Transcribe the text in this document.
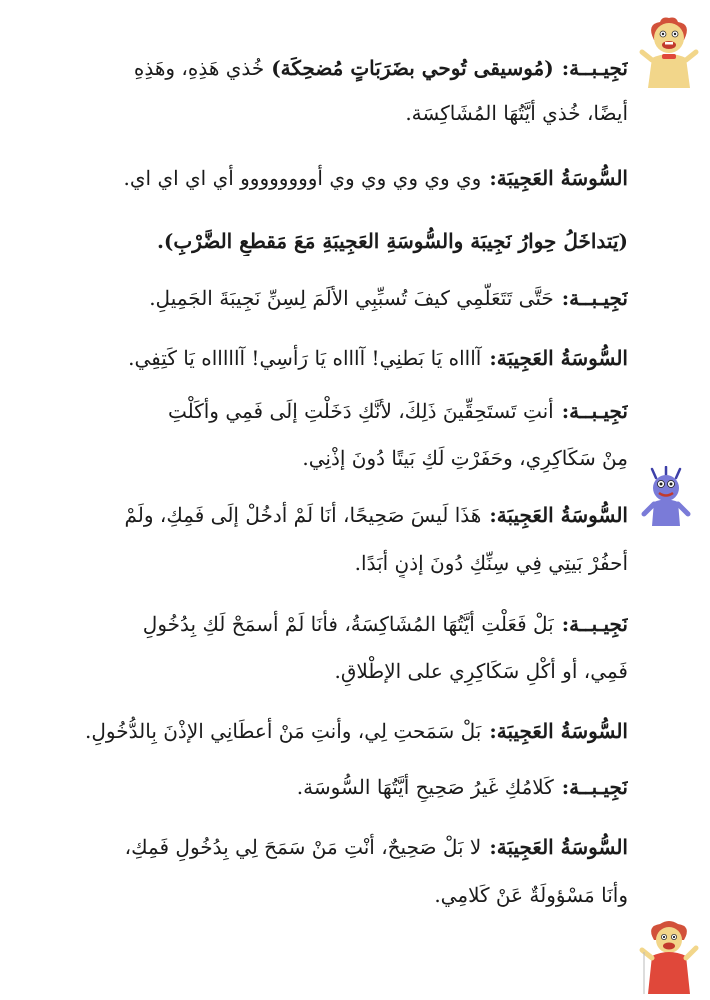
نَجِيـبــة:(مُوسيقى تُوحي بضَرَبَاتٍ مُضحِكَة) خُذي هَذِهِ، وهَذِهِ
أيضًا، خُذي أيَّتُهَا المُشَاكِسَة.
السُّوسَةُ العَجِيبَة:وي وي وي وي وي أوووووووو أي اي اي اي.
(يَتداخَلُ حِوارُ نَجِيبَة والسُّوسَةِ العَجِيبَةِ مَعَ مَقطعِ الضَّرْبِ).
نَجِيـبــة:حَتَّى تَتَعَلَّمِي كيفَ تُسبِّبِي الألَمَ لِسِنِّ نَجِيبَةَ الجَمِيلِ.
السُّوسَةُ العَجِيبَة:آاااه يَا بَطنِي! آاااه يَا رَأسِي! آاااااه يَا كَتِفِي.
نَجِيـبــة:أنتِ تَستَحِقِّينَ ذَلِكَ، لأنَّكِ دَخَلْتِ إلَى فَمِي وأكَلْتِ
مِنْ سَكَاكِرِي، وحَفَرْتِ لَكِ بَيتًا دُونَ إذْنِي.
السُّوسَةُ العَجِيبَة:هَذَا لَيسَ صَحِيحًا، أنَا لَمْ أدخُلْ إلَى فَمِكِ، ولَمْ
أحفُرْ بَيتِي فِي سِنِّكِ دُونَ إذنٍ أبَدًا.
نَجِيـبــة:بَلْ فَعَلْتِ أيَّتُهَا المُشَاكِسَةُ، فأنَا لَمْ أسمَحْ لَكِ بِدُخُولِ
فَمِي، أو أكْلِ سَكَاكِرِي على الإطْلاقِ.
السُّوسَةُ العَجِيبَة:بَلْ سَمَحتِ لِي، وأنتِ مَنْ أعطَانِي الإذْنَ بِالدُّخُولِ.
نَجِيـبــة:كَلامُكِ غَيرُ صَحِيحٍ أيَّتُهَا السُّوسَة.
السُّوسَةُ العَجِيبَة:لا بَلْ صَحِيحٌ، أنْتِ مَنْ سَمَحَ لِي بِدُخُولِ فَمِكِ،
وأنَا مَسْؤولَةٌ عَنْ كَلامِي.
